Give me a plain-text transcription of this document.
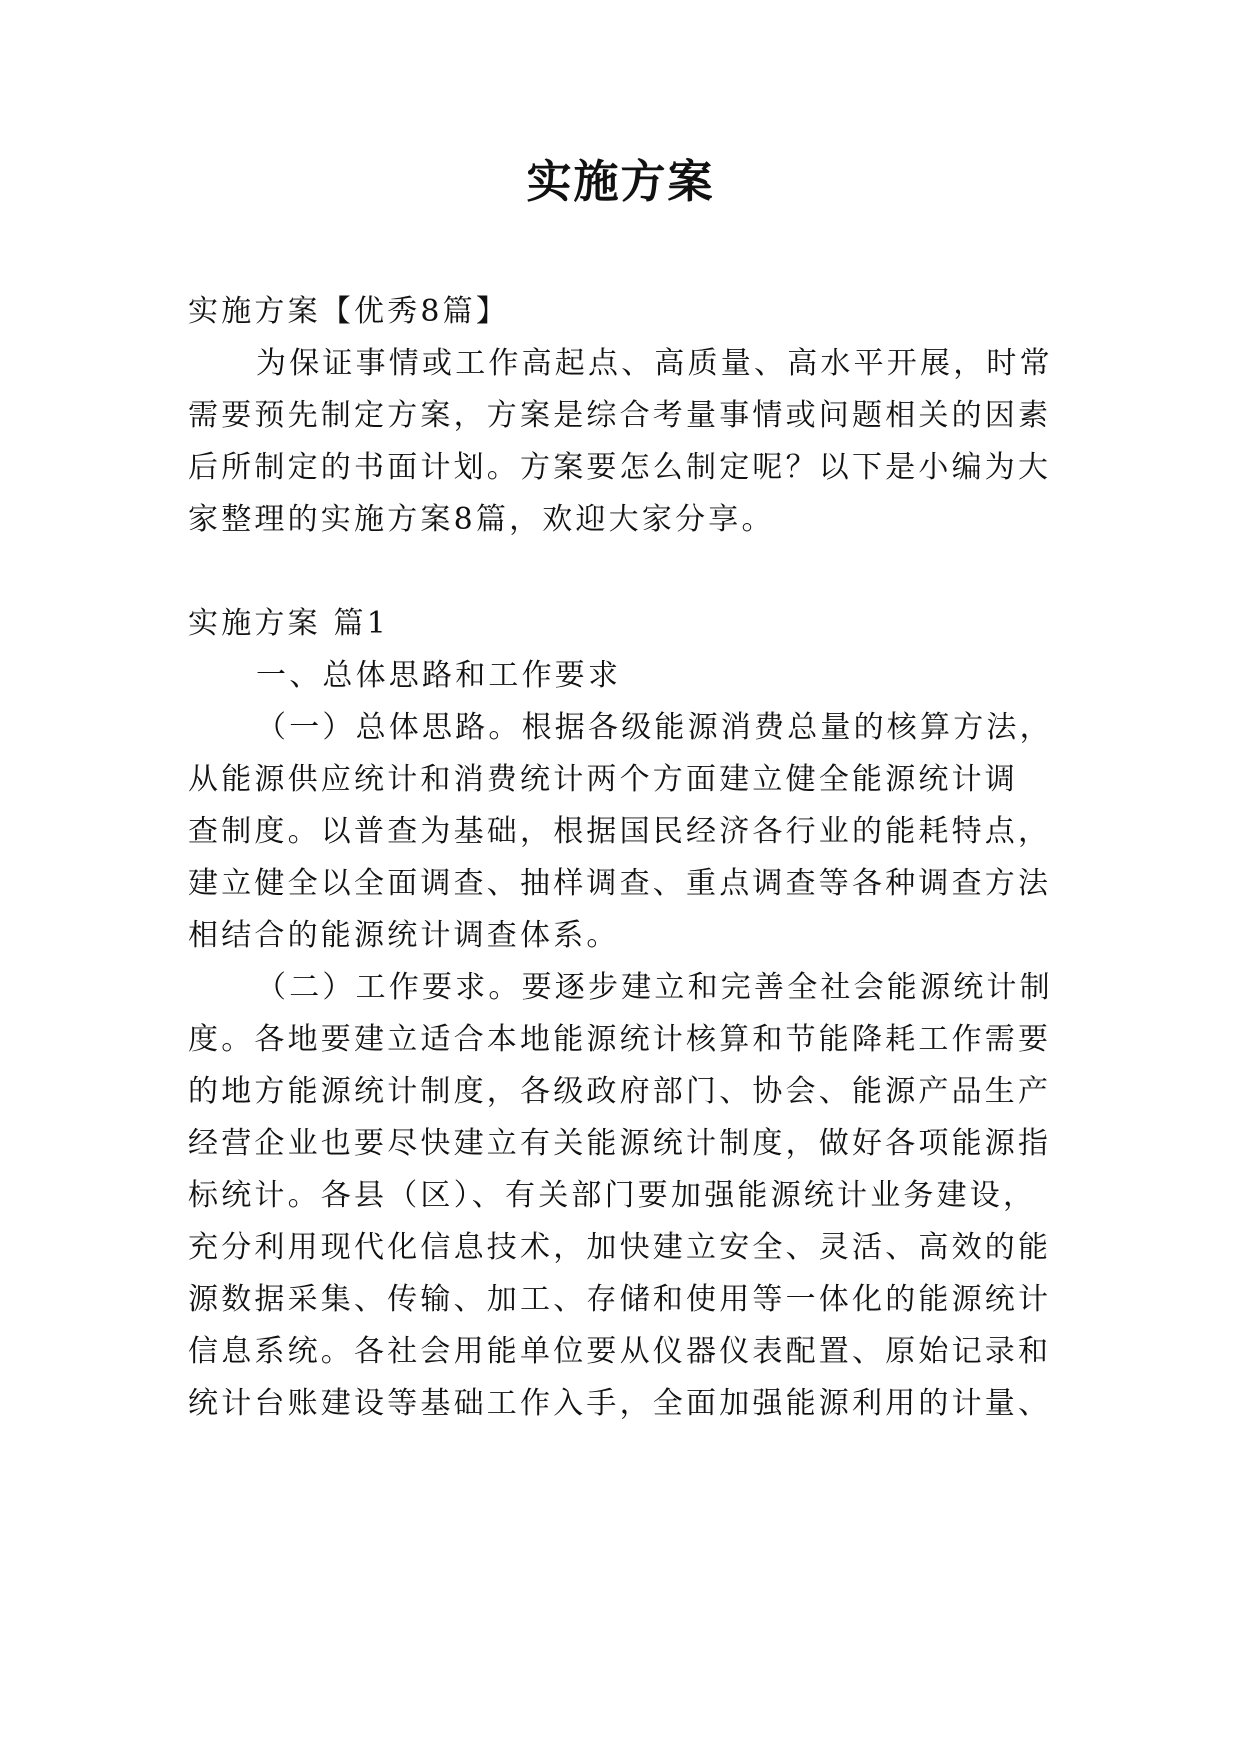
实施方案
实施方案【优秀8篇】
为保证事情或工作高起点、高质量、高水平开展，时常
需要预先制定方案，方案是综合考量事情或问题相关的因素
后所制定的书面计划。方案要怎么制定呢？以下是小编为大
家整理的实施方案8篇，欢迎大家分享。
实施方案 篇1
一、总体思路和工作要求
（一）总体思路。根据各级能源消费总量的核算方法，
从能源供应统计和消费统计两个方面建立健全能源统计调
查制度。以普查为基础，根据国民经济各行业的能耗特点，
建立健全以全面调查、抽样调查、重点调查等各种调查方法
相结合的能源统计调查体系。
（二）工作要求。要逐步建立和完善全社会能源统计制
度。各地要建立适合本地能源统计核算和节能降耗工作需要
的地方能源统计制度，各级政府部门、协会、能源产品生产
经营企业也要尽快建立有关能源统计制度，做好各项能源指
标统计。各县（区）、有关部门要加强能源统计业务建设，
充分利用现代化信息技术，加快建立安全、灵活、高效的能
源数据采集、传输、加工、存储和使用等一体化的能源统计
信息系统。各社会用能单位要从仪器仪表配置、原始记录和
统计台账建设等基础工作入手，全面加强能源利用的计量、
